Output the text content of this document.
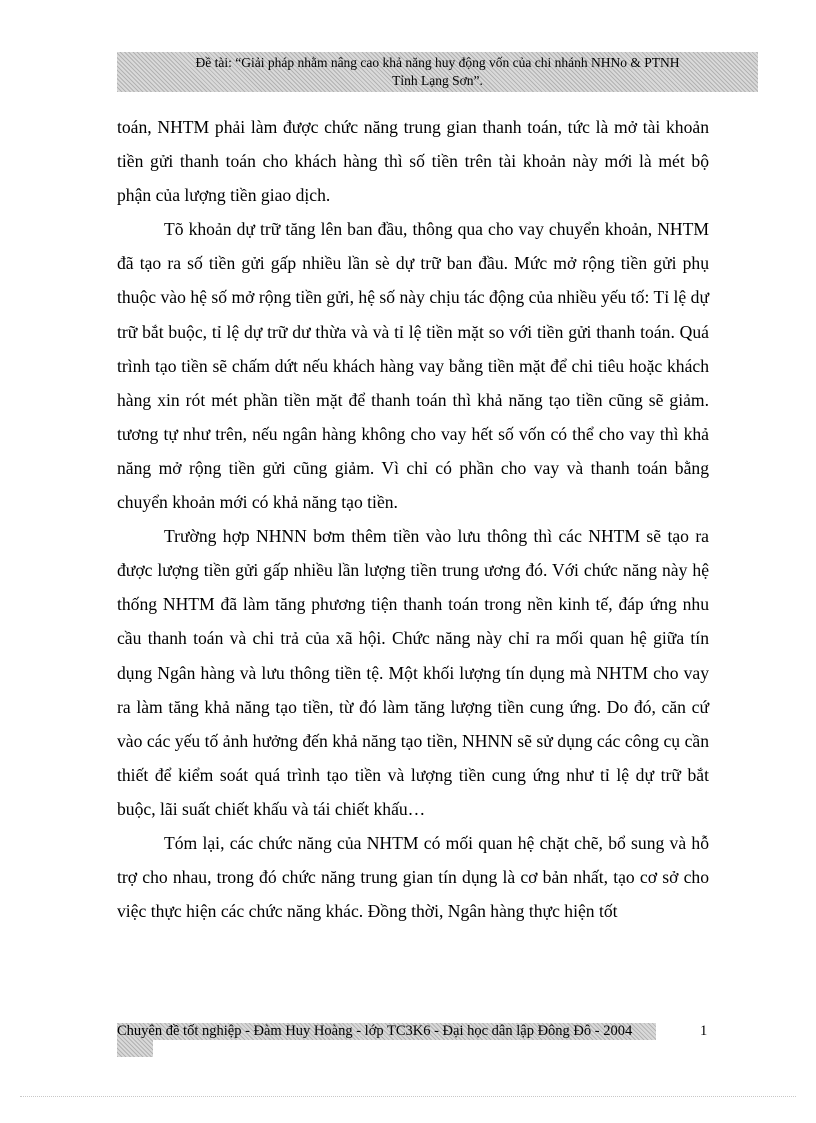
Đề tài: “Giải pháp nhằm nâng cao khả năng huy động vốn của chi nhánh NHNo & PTNH
Tỉnh Lạng Sơn”.

toán, NHTM phải làm được chức năng trung gian thanh toán, tức là mở tài khoản tiền gửi thanh toán cho khách hàng thì số tiền trên tài khoản này mới là mét bộ phận của lượng tiền giao dịch.

Tõ khoản dự trữ tăng lên ban đầu, thông qua cho vay chuyển khoản, NHTM đã tạo ra số tiền gửi gấp nhiều lần sè dự trữ ban đầu. Mức mở rộng tiền gửi phụ thuộc vào hệ số mở rộng tiền gửi, hệ số này chịu tác động của nhiều yếu tố: Tỉ lệ dự trữ bắt buộc, tỉ lệ dự trữ dư thừa và và tỉ lệ tiền mặt so với tiền gửi thanh toán. Quá trình tạo tiền sẽ chấm dứt nếu khách hàng vay bằng tiền mặt để chi tiêu hoặc khách hàng xin rót mét phần tiền mặt để thanh toán thì khả năng tạo tiền cũng sẽ giảm. tương tự như trên, nếu ngân hàng không cho vay hết số vốn có thể cho vay thì khả năng mở rộng tiền gửi cũng giảm. Vì chỉ có phần cho vay và thanh toán bằng chuyển khoản mới có khả năng tạo tiền.

Trường hợp NHNN bơm thêm tiền vào lưu thông thì các NHTM sẽ tạo ra được lượng tiền gửi gấp nhiều lần lượng tiền trung ương đó. Với chức năng này hệ thống NHTM đã làm tăng phương tiện thanh toán trong nền kinh tế, đáp ứng nhu cầu thanh toán và chi trả của xã hội. Chức năng này chỉ ra mối quan hệ giữa tín dụng Ngân hàng và lưu thông tiền tệ. Một khối lượng tín dụng mà NHTM cho vay ra làm tăng khả năng tạo tiền, từ đó làm tăng lượng tiền cung ứng. Do đó, căn cứ vào các yếu tố ảnh hưởng đến khả năng tạo tiền, NHNN sẽ sử dụng các công cụ cần thiết để kiểm soát quá trình tạo tiền và lượng tiền cung ứng như tỉ lệ dự trữ bắt buộc, lãi suất chiết khấu và tái chiết khấu…

Tóm lại, các chức năng của NHTM có mối quan hệ chặt chẽ, bổ sung và hỗ trợ cho nhau, trong đó chức năng trung gian tín dụng là cơ bản nhất, tạo cơ sở cho việc thực hiện các chức năng khác. Đồng thời, Ngân hàng thực hiện tốt

Chuyên đề tốt nghiệp - Đàm Huy Hoàng - lớp TC3K6 - Đại học dân lập Đông Đô - 2004	1
